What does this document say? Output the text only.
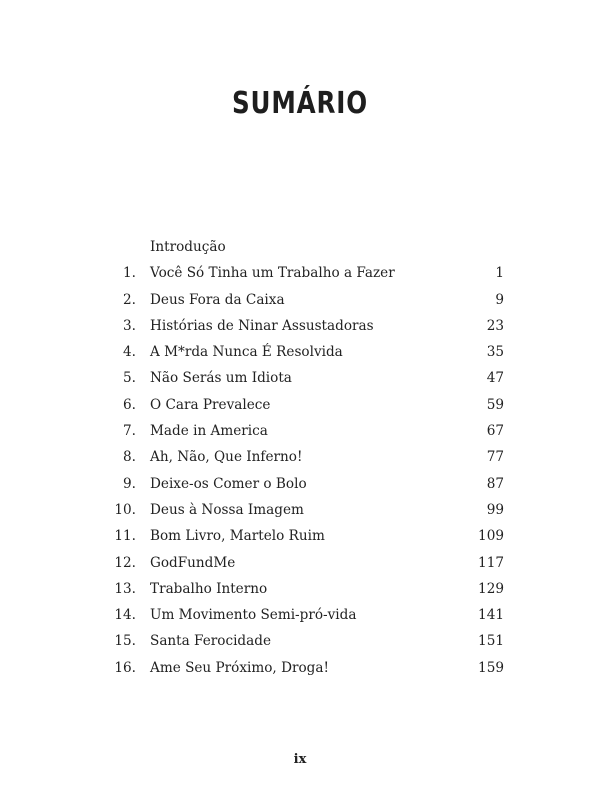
SUMÁRIO
Introdução
1.	Você Só Tinha um Trabalho a Fazer	1
2.	Deus Fora da Caixa	9
3.	Histórias de Ninar Assustadoras	23
4.	A M*rda Nunca É Resolvida	35
5.	Não Serás um Idiota	47
6.	O Cara Prevalece	59
7.	Made in America	67
8.	Ah, Não, Que Inferno!	77
9.	Deixe-os Comer o Bolo	87
10.	Deus à Nossa Imagem	99
11.	Bom Livro, Martelo Ruim	109
12.	GodFundMe	117
13.	Trabalho Interno	129
14.	Um Movimento Semi-pró-vida	141
15.	Santa Ferocidade	151
16.	Ame Seu Próximo, Droga!	159
ix
